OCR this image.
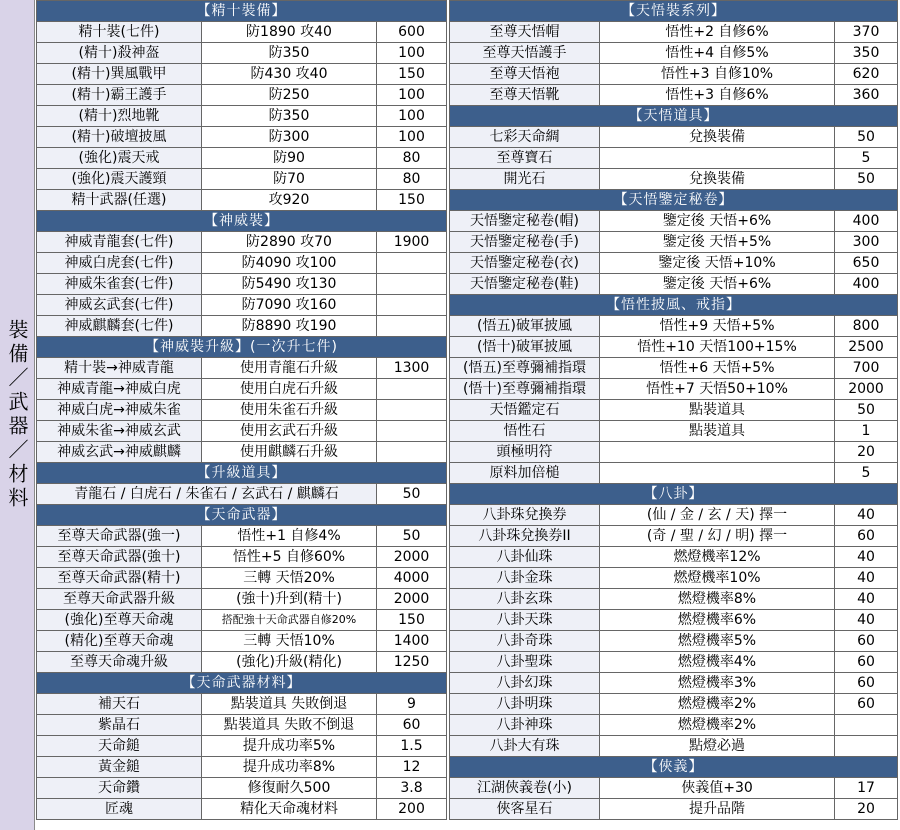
裝備／武器／材料
【精十裝備】		
精十裝(七件)	防1890 攻40	600
(精十)殺神盔	防350	100
(精十)巽風戰甲	防430 攻40	150
(精十)霸王護手	防250	100
(精十)烈地靴	防350	100
(精十)破壇披風	防300	100
(強化)震天戒	防90	80
(強化)震天護頸	防70	80
精十武器(任選)	攻920	150
【神威裝】		
神威青龍套(七件)	防2890 攻70	1900
神威白虎套(七件)	防4090 攻100	
神威朱雀套(七件)	防5490 攻130	
神威玄武套(七件)	防7090 攻160	
神威麒麟套(七件)	防8890 攻190	
【神威裝升級】(一次升七件)		
精十裝→神威青龍	使用青龍石升級	1300
神威青龍→神威白虎	使用白虎石升級	
神威白虎→神威朱雀	使用朱雀石升級	
神威朱雀→神威玄武	使用玄武石升級	
神威玄武→神威麒麟	使用麒麟石升級	
【升級道具】		
青龍石 / 白虎石 / 朱雀石 / 玄武石 / 麒麟石		50
【天命武器】		
至尊天命武器(強一)	悟性+1 自修4%	50
至尊天命武器(強十)	悟性+5 自修60%	2000
至尊天命武器(精十)	三轉 天悟20%	4000
至尊天命武器升級	(強十)升到(精十)	2000
(強化)至尊天命魂	搭配強十天命武器自修20%	150
(精化)至尊天命魂	三轉 天悟10%	1400
至尊天命魂升級	(強化)升級(精化)	1250
【天命武器材料】		
補天石	點裝道具 失敗倒退	9
紫晶石	點裝道具 失敗不倒退	60
天命鎚	提升成功率5%	1.5
黃金鎚	提升成功率8%	12
天命鑽	修復耐久500	3.8
匠魂	精化天命魂材料	200
【天悟裝系列】		
至尊天悟帽	悟性+2 自修6%	370
至尊天悟護手	悟性+4 自修5%	350
至尊天悟袍	悟性+3 自修10%	620
至尊天悟靴	悟性+3 自修6%	360
【天悟道具】		
七彩天命綢	兌換裝備	50
至尊寶石		5
開光石	兌換裝備	50
【天悟鑒定秘卷】		
天悟鑒定秘卷(帽)	鑒定後 天悟+6%	400
天悟鑒定秘卷(手)	鑒定後 天悟+5%	300
天悟鑒定秘卷(衣)	鑒定後 天悟+10%	650
天悟鑒定秘卷(鞋)	鑒定後 天悟+6%	400
【悟性披風、戒指】		
(悟五)破軍披風	悟性+9 天悟+5%	800
(悟十)破軍披風	悟性+10 天悟100+15%	2500
(悟五)至尊彌補指環	悟性+6 天悟+5%	700
(悟十)至尊彌補指環	悟性+7 天悟50+10%	2000
天悟鑑定石	點裝道具	50
悟性石	點裝道具	1
頭極明符		20
原料加倍槌		5
【八卦】		
八卦珠兌換券	(仙 / 金 / 玄 / 天) 擇一	40
八卦珠兌換券II	(奇 / 聖 / 幻 / 明) 擇一	60
八卦仙珠	燃燈機率12%	40
八卦金珠	燃燈機率10%	40
八卦玄珠	燃燈機率8%	40
八卦天珠	燃燈機率6%	40
八卦奇珠	燃燈機率5%	60
八卦聖珠	燃燈機率4%	60
八卦幻珠	燃燈機率3%	60
八卦明珠	燃燈機率2%	60
八卦神珠	燃燈機率2%	
八卦大有珠	點燈必過	
【俠義】		
江湖俠義卷(小)	俠義值+30	17
俠客星石	提升品階	20
